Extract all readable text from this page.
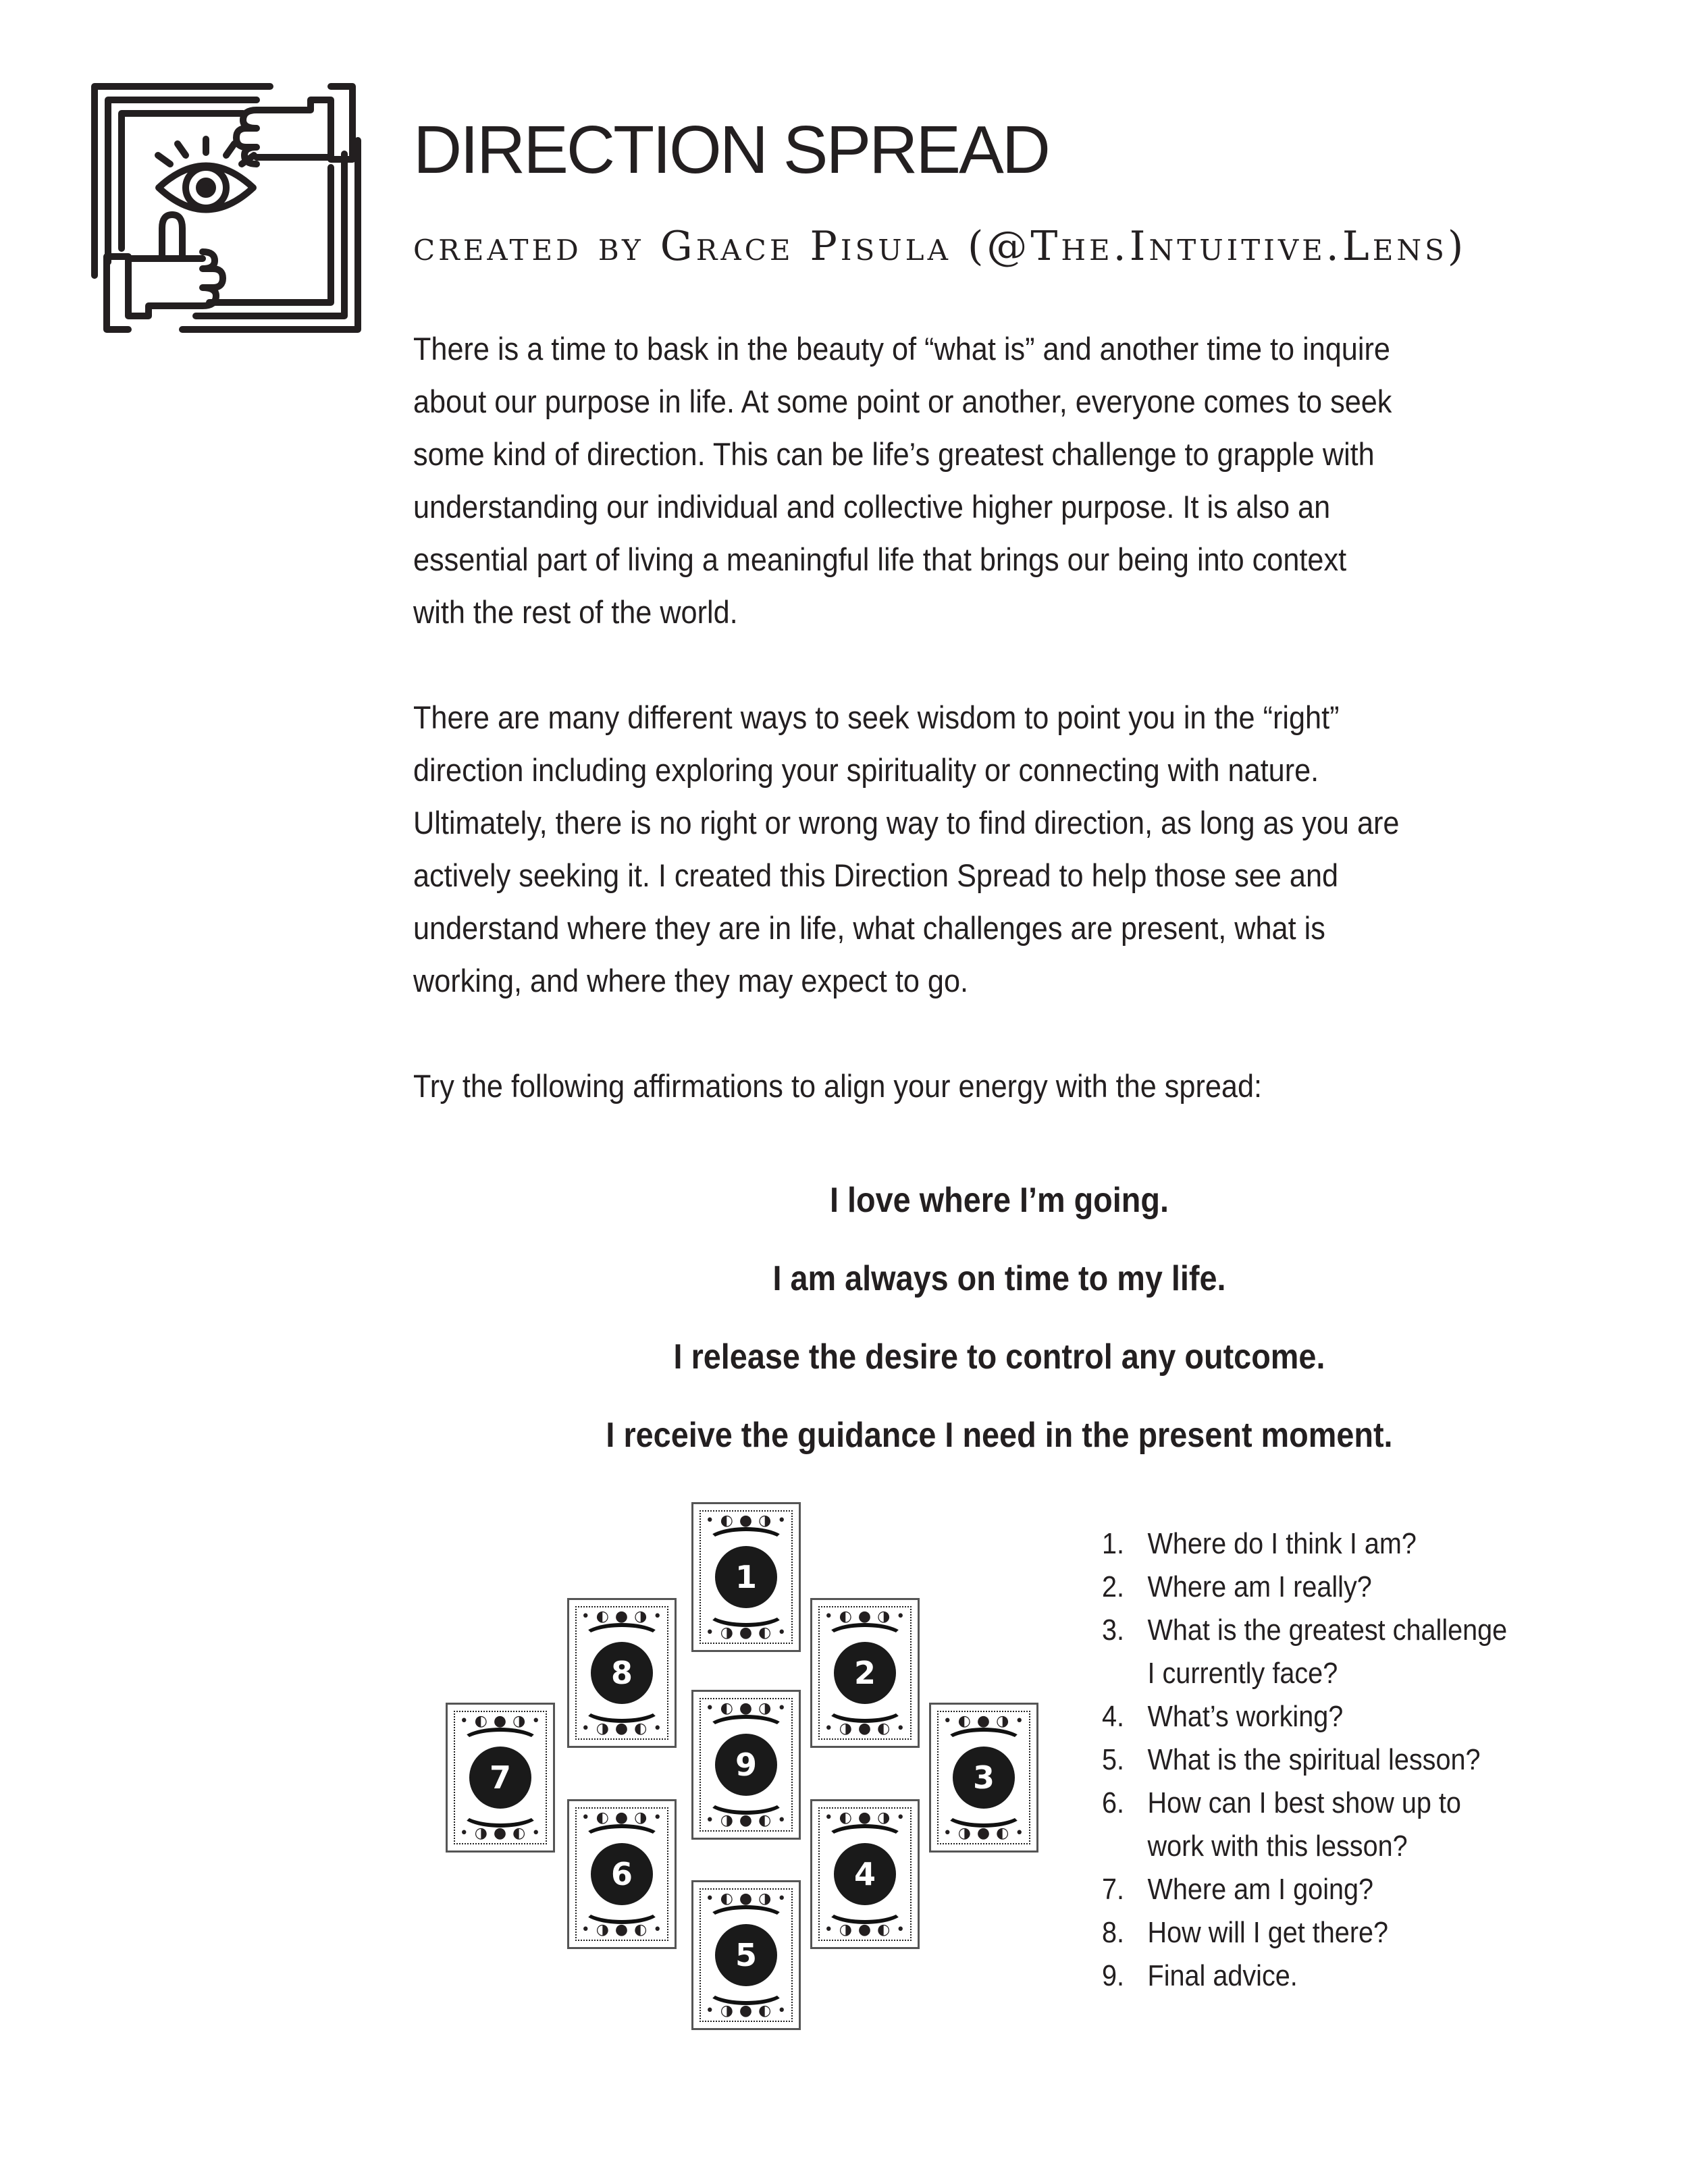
DIRECTION SPREAD
created by Grace Pisula (@The.Intuitive.Lens)
There is a time to bask in the beauty of “what is” and another time to inquire
about our purpose in life. At some point or another, everyone comes to seek
some kind of direction. This can be life’s greatest challenge to grapple with
understanding our individual and collective higher purpose. It is also an
essential part of living a meaningful life that brings our being into context
with the rest of the world.
There are many different ways to seek wisdom to point you in the “right”
direction including exploring your spirituality or connecting with nature.
Ultimately, there is no right or wrong way to find direction, as long as you are
actively seeking it. I created this Direction Spread to help those see and
understand where they are in life, what challenges are present, what is
working, and where they may expect to go.
Try the following affirmations to align your energy with the spread:
I love where I’m going.
I am always on time to my life.
I release the desire to control any outcome.
I receive the guidance I need in the present moment.
• ◐ ● ◑ •
1
• ◑ ● ◐ •
• ◐ ● ◑ •
8
• ◑ ● ◐ •
• ◐ ● ◑ •
2
• ◑ ● ◐ •
• ◐ ● ◑ •
9
• ◑ ● ◐ •
• ◐ ● ◑ •
7
• ◑ ● ◐ •
• ◐ ● ◑ •
3
• ◑ ● ◐ •
• ◐ ● ◑ •
6
• ◑ ● ◐ •
• ◐ ● ◑ •
4
• ◑ ● ◐ •
• ◐ ● ◑ •
5
• ◑ ● ◐ •
1. Where do I think I am?
2. Where am I really?
3. What is the greatest challenge
I currently face?
4. What’s working?
5. What is the spiritual lesson?
6. How can I best show up to
work with this lesson?
7. Where am I going?
8. How will I get there?
9. Final advice.
